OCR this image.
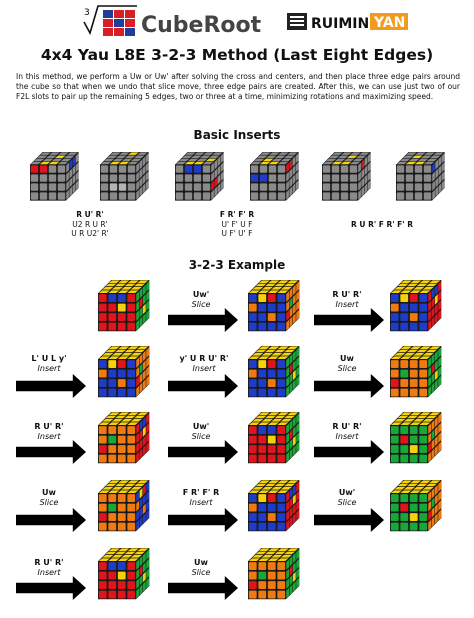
3 CubeRoot	RUIMIN YAN
4x4 Yau L8E 3-2-3 Method (Last Eight Edges)
In this method, we perform a Uw or Uw' after solving the cross and centers, and then place three edge pairs around the cube so that when we undo that slice move, three edge pairs are created. After this, we can use just two of our F2L slots to pair up the remaining 5 edges, two or three at a time, minimizing rotations and maximizing speed.
Basic Inserts
R U' R'
U2 R U R'
U R U2' R'
F R' F' R
U' F' U F
U F' U' F
R U R' F R' F' R
3-2-3 Example
Uw'
Slice
R U' R'
Insert
L' U L y'
Insert
y' U R U' R'
Insert
Uw
Slice
R U' R'
Insert
Uw'
Slice
R U' R'
Insert
Uw
Slice
F R' F' R
Insert
Uw'
Slice
R U' R'
Insert
Uw
Slice
